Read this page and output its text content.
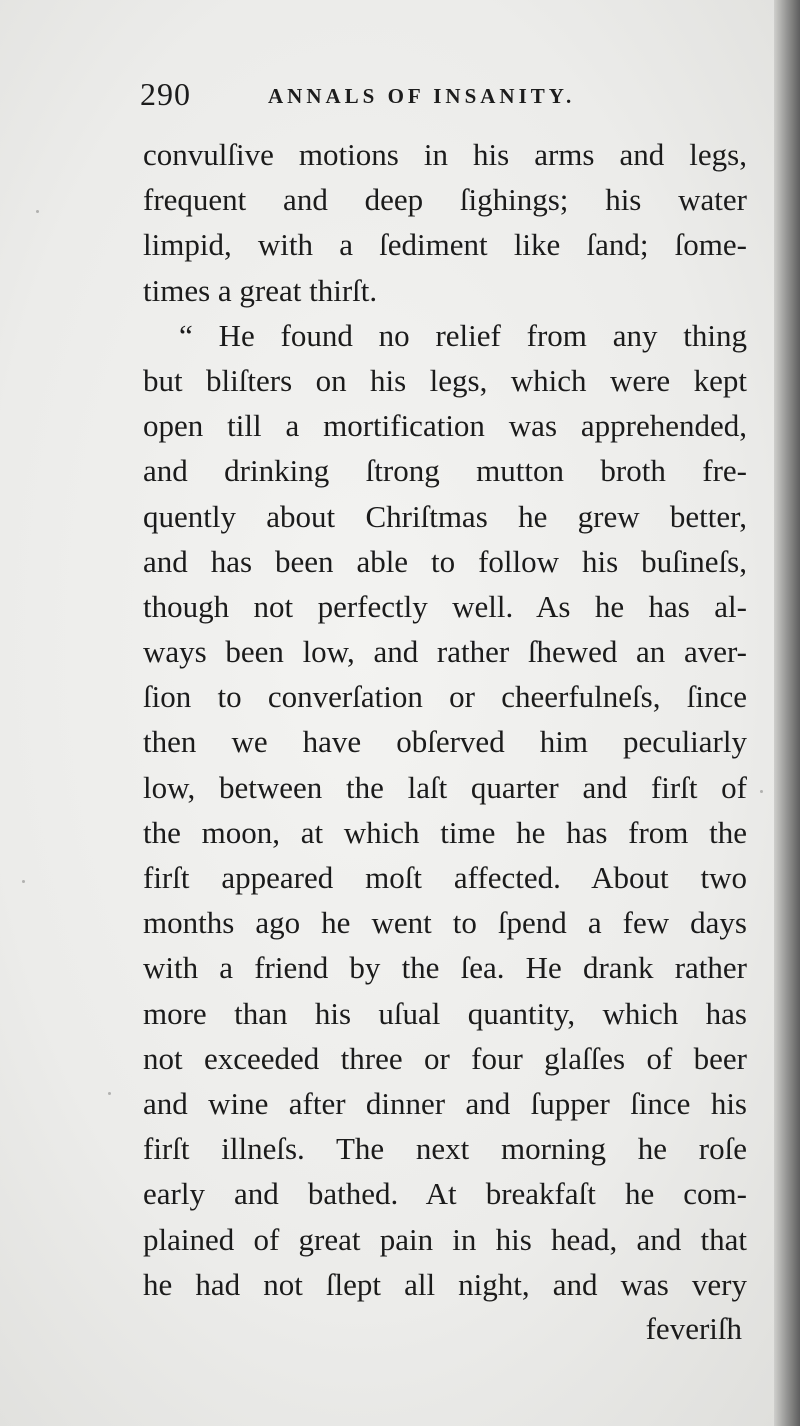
290	ANNALS OF INSANITY.
convulſive motions in his arms and legs,
frequent and deep ſighings; his water
limpid, with a ſediment like ſand; ſome-
times a great thirſt.
“ He found no relief from any thing
but bliſters on his legs, which were kept
open till a mortification was apprehended,
and drinking ſtrong mutton broth fre-
quently about Chriſtmas he grew better,
and has been able to follow his buſineſs,
though not perfectly well. As he has al-
ways been low, and rather ſhewed an aver-
ſion to converſation or cheerfulneſs, ſince
then we have obſerved him peculiarly
low, between the laſt quarter and firſt of
the moon, at which time he has from the
firſt appeared moſt affected. About two
months ago he went to ſpend a few days
with a friend by the ſea. He drank rather
more than his uſual quantity, which has
not exceeded three or four glaſſes of beer
and wine after dinner and ſupper ſince his
firſt illneſs. The next morning he roſe
early and bathed. At breakfaſt he com-
plained of great pain in his head, and that
he had not ſlept all night, and was very
feveriſh
